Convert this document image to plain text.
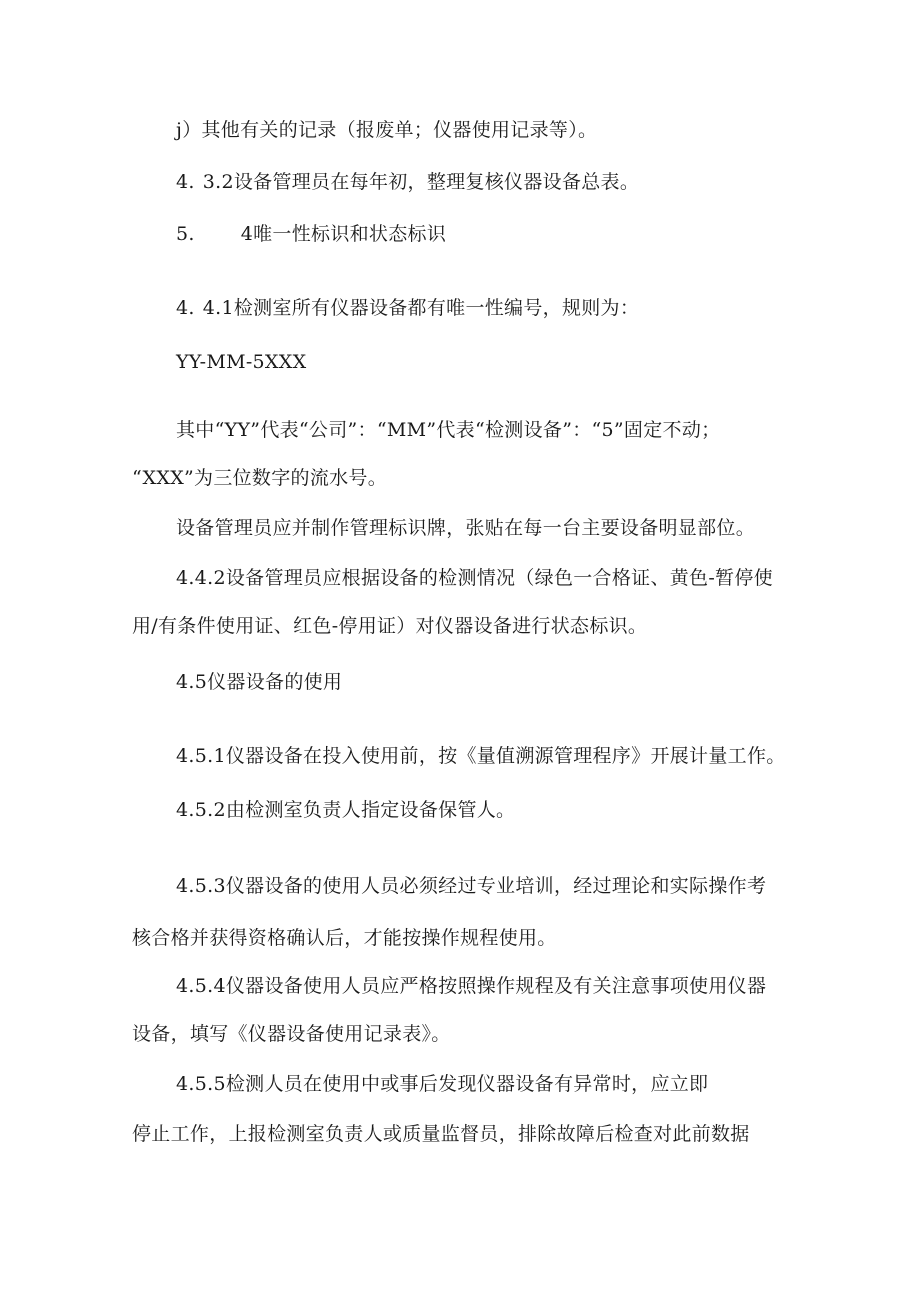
j）其他有关的记录（报废单；仪器使用记录等）。
4. 3.2设备管理员在每年初，整理复核仪器设备总表。
5. 4唯一性标识和状态标识
4. 4.1检测室所有仪器设备都有唯一性编号，规则为：
YY-MM-5XXX
其中“YY”代表“公司”：“MM”代表“检测设备”：“5”固定不动；
“XXX”为三位数字的流水号。
设备管理员应并制作管理标识牌，张贴在每一台主要设备明显部位。
4.4.2设备管理员应根据设备的检测情况（绿色一合格证、黄色-暂停使
用/有条件使用证、红色-停用证）对仪器设备进行状态标识。
4.5仪器设备的使用
4.5.1仪器设备在投入使用前，按《量值溯源管理程序》开展计量工作。
4.5.2由检测室负责人指定设备保管人。
4.5.3仪器设备的使用人员必须经过专业培训，经过理论和实际操作考
核合格并获得资格确认后，才能按操作规程使用。
4.5.4仪器设备使用人员应严格按照操作规程及有关注意事项使用仪器
设备，填写《仪器设备使用记录表》。
4.5.5检测人员在使用中或事后发现仪器设备有异常时，应立即
停止工作，上报检测室负责人或质量监督员，排除故障后检查对此前数据
